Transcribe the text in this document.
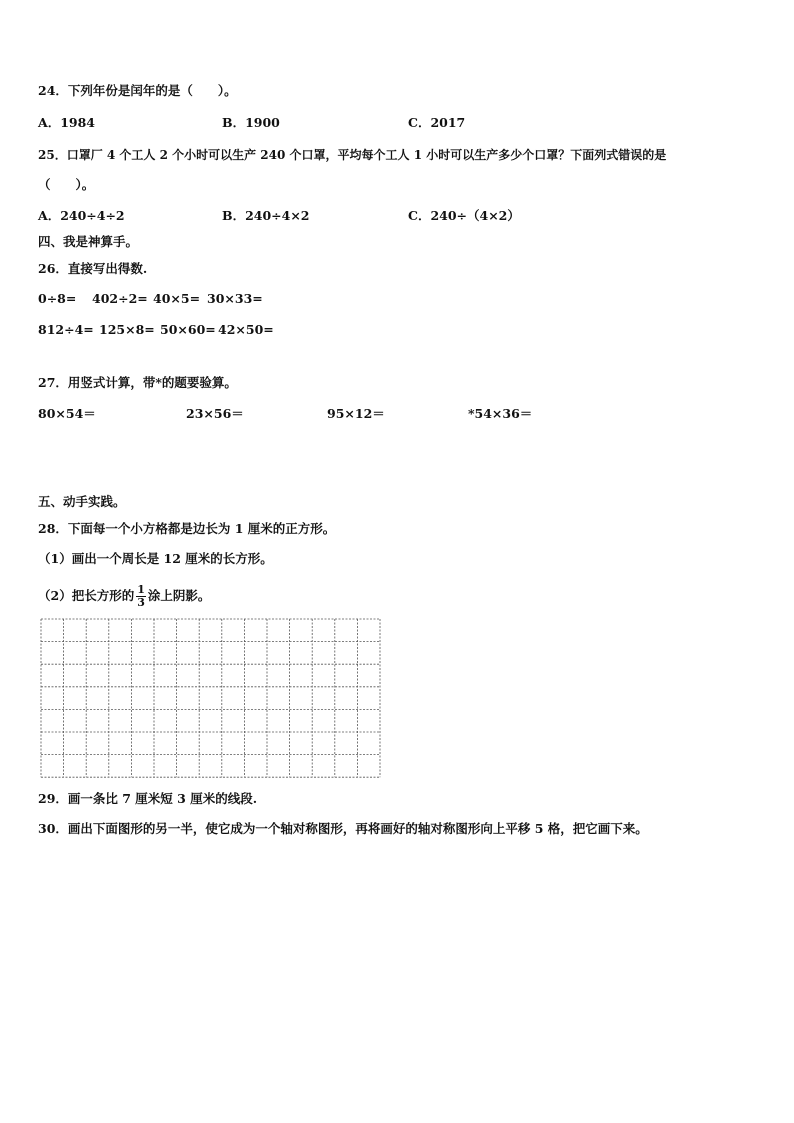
24．下列年份是闰年的是（　　）。
A．1984	B．1900	C．2017
25．口罩厂 4 个工人 2 个小时可以生产 240 个口罩，平均每个工人 1 小时可以生产多少个口罩？下面列式错误的是
（　　）。
A．240÷4÷2	B．240÷4×2	C．240÷（4×2）
四、我是神算手。
26．直接写出得数.
0÷8= 402÷2= 40×5= 30×33=
812÷4= 125×8= 50×60= 42×50=
27．用竖式计算，带*的题要验算。
80×54＝	23×56＝	95×12＝	*54×36＝
五、动手实践。
28．下面每一个小方格都是边长为 1 厘米的正方形。
（1）画出一个周长是 12 厘米的长方形。
（2）把长方形的 $\frac{1}{3}$ 涂上阴影。
29．画一条比 7 厘米短 3 厘米的线段.
30．画出下面图形的另一半，使它成为一个轴对称图形，再将画好的轴对称图形向上平移 5 格，把它画下来。
